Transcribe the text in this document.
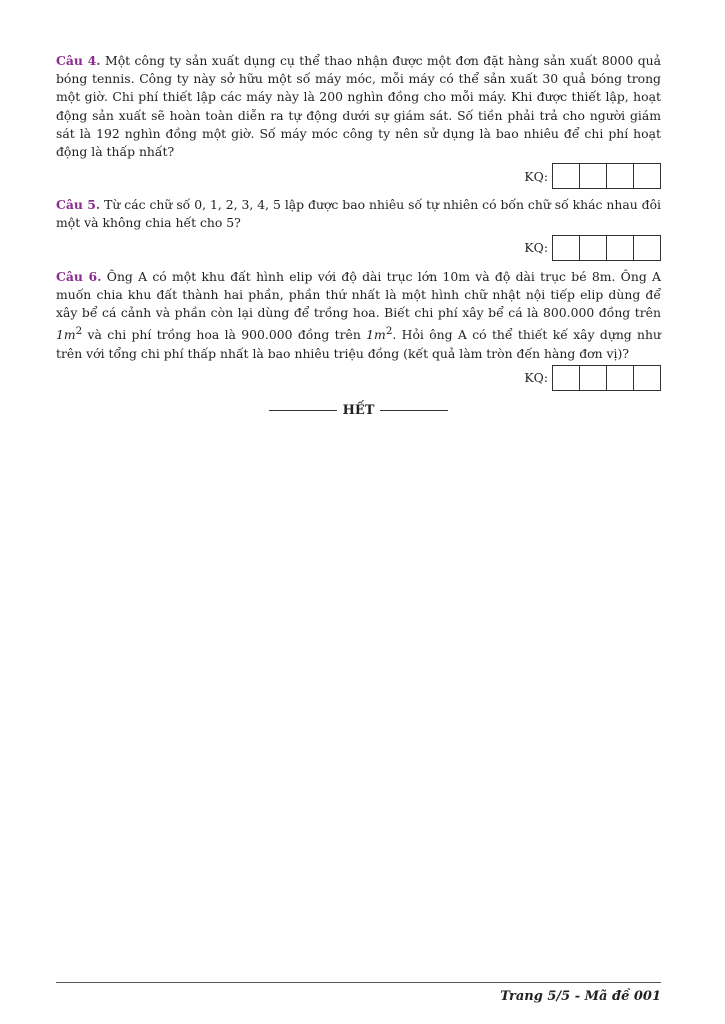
Câu 4. Một công ty sản xuất dụng cụ thể thao nhận được một đơn đặt hàng sản xuất 8000 quả bóng tennis. Công ty này sở hữu một số máy móc, mỗi máy có thể sản xuất 30 quả bóng trong một giờ. Chi phí thiết lập các máy này là 200 nghìn đồng cho mỗi máy. Khi được thiết lập, hoạt động sản xuất sẽ hoàn toàn diễn ra tự động dưới sự giám sát. Số tiền phải trả cho người giám sát là 192 nghìn đồng một giờ. Số máy móc công ty nên sử dụng là bao nhiêu để chi phí hoạt động là thấp nhất?

KQ:

Câu 5. Từ các chữ số 0, 1, 2, 3, 4, 5 lập được bao nhiêu số tự nhiên có bốn chữ số khác nhau đôi một và không chia hết cho 5?

KQ:

Câu 6. Ông A có một khu đất hình elip với độ dài trục lớn 10m và độ dài trục bé 8m. Ông A muốn chia khu đất thành hai phần, phần thứ nhất là một hình chữ nhật nội tiếp elip dùng để xây bể cá cảnh và phần còn lại dùng để trồng hoa. Biết chi phí xây bể cá là 800.000 đồng trên $1m^2$ và chi phí trồng hoa là 900.000 đồng trên $1m^2$. Hỏi ông A có thể thiết kế xây dựng như trên với tổng chi phí thấp nhất là bao nhiêu triệu đồng (kết quả làm tròn đến hàng đơn vị)?

KQ:
HẾT
Trang 5/5 - Mã đề 001
